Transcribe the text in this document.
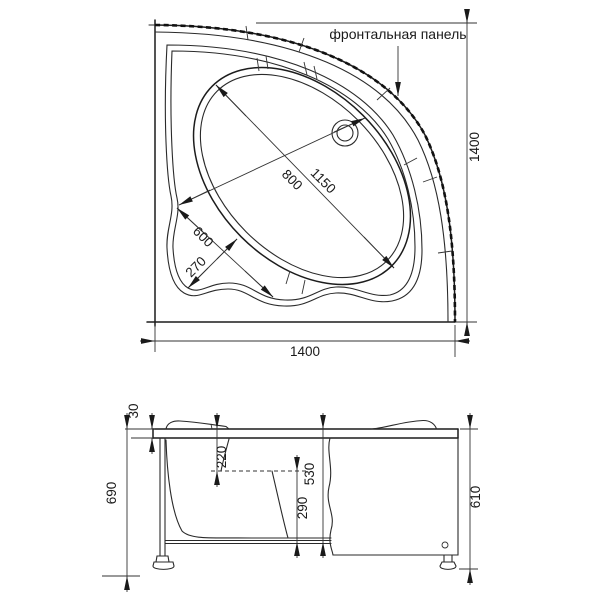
фронтальная панель
1400
1400
1150
800
600
270
30
690
220
290
530
610
